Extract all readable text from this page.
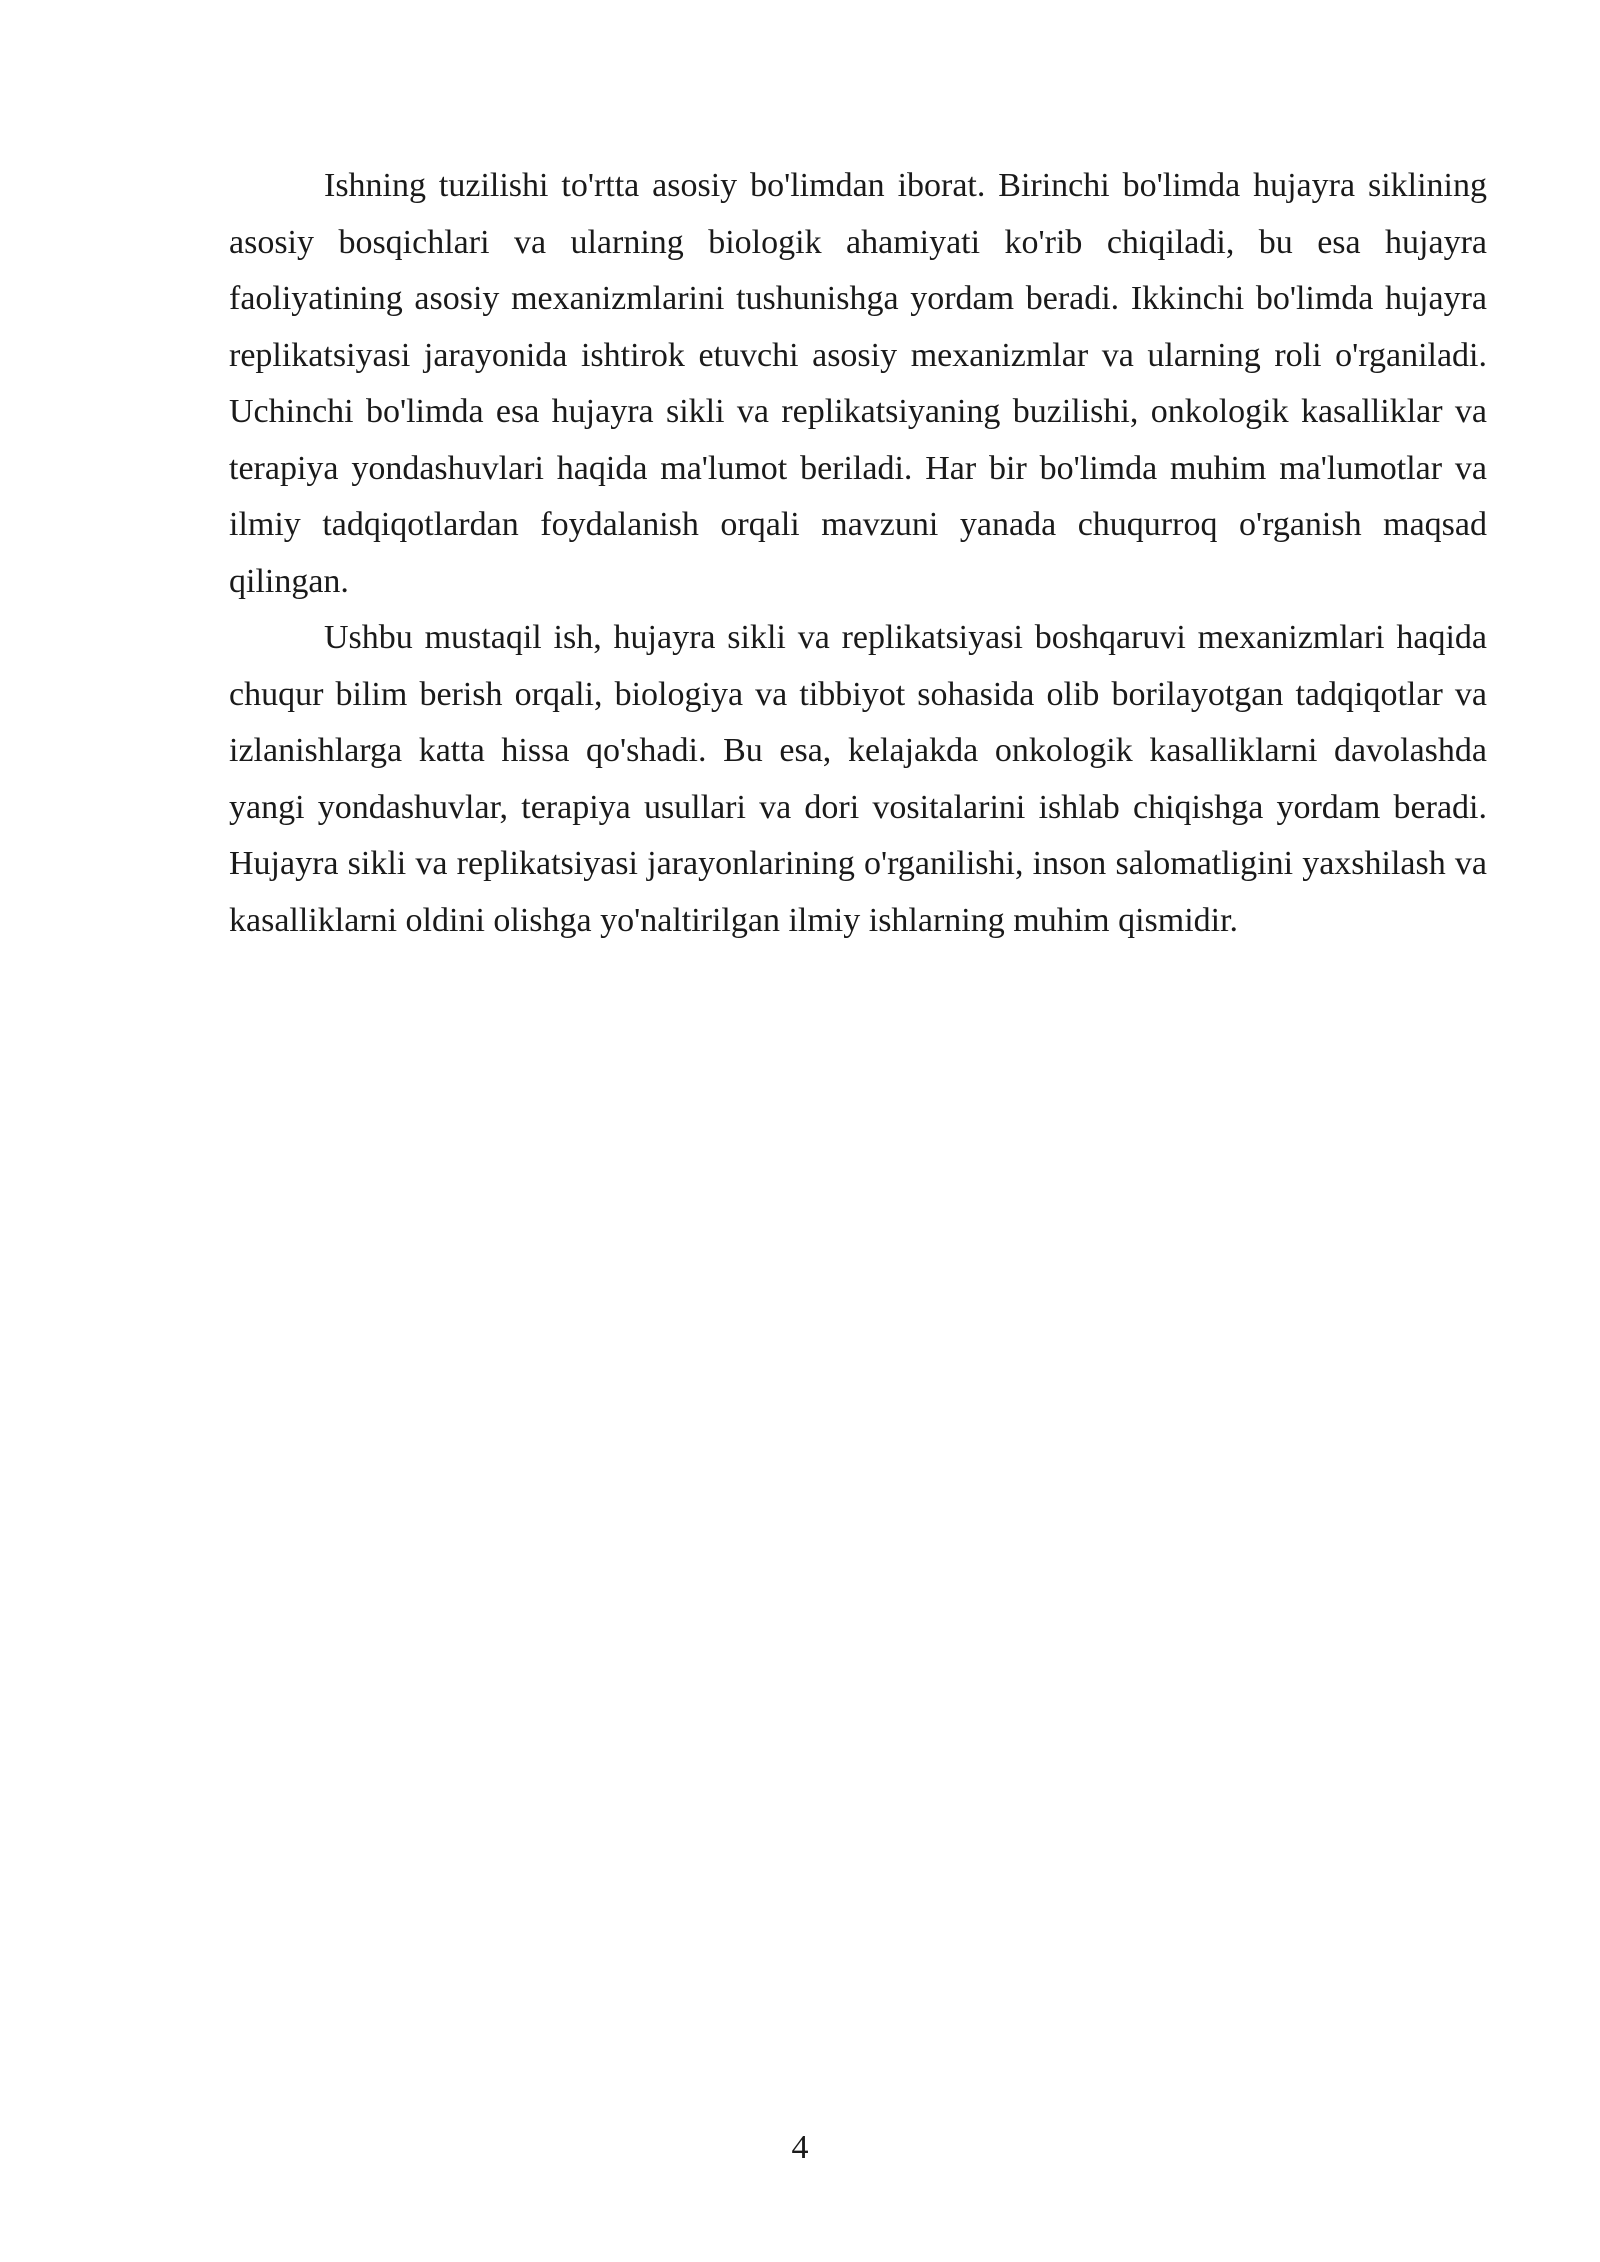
Ishning tuzilishi to'rtta asosiy bo'limdan iborat. Birinchi bo'limda hujayra siklining asosiy bosqichlari va ularning biologik ahamiyati ko'rib chiqiladi, bu esa hujayra faoliyatining asosiy mexanizmlarini tushunishga yordam beradi. Ikkinchi bo'limda hujayra replikatsiyasi jarayonida ishtirok etuvchi asosiy mexanizmlar va ularning roli o'rganiladi. Uchinchi bo'limda esa hujayra sikli va replikatsiyaning buzilishi, onkologik kasalliklar va terapiya yondashuvlari haqida ma'lumot beriladi. Har bir bo'limda muhim ma'lumotlar va ilmiy tadqiqotlardan foydalanish orqali mavzuni yanada chuqurroq o'rganish maqsad qilingan.

Ushbu mustaqil ish, hujayra sikli va replikatsiyasi boshqaruvi mexanizmlari haqida chuqur bilim berish orqali, biologiya va tibbiyot sohasida olib borilayotgan tadqiqotlar va izlanishlarga katta hissa qo'shadi. Bu esa, kelajakda onkologik kasalliklarni davolashda yangi yondashuvlar, terapiya usullari va dori vositalarini ishlab chiqishga yordam beradi. Hujayra sikli va replikatsiyasi jarayonlarining o'rganilishi, inson salomatligini yaxshilash va kasalliklarni oldini olishga yo'naltirilgan ilmiy ishlarning muhim qismidir.

4
